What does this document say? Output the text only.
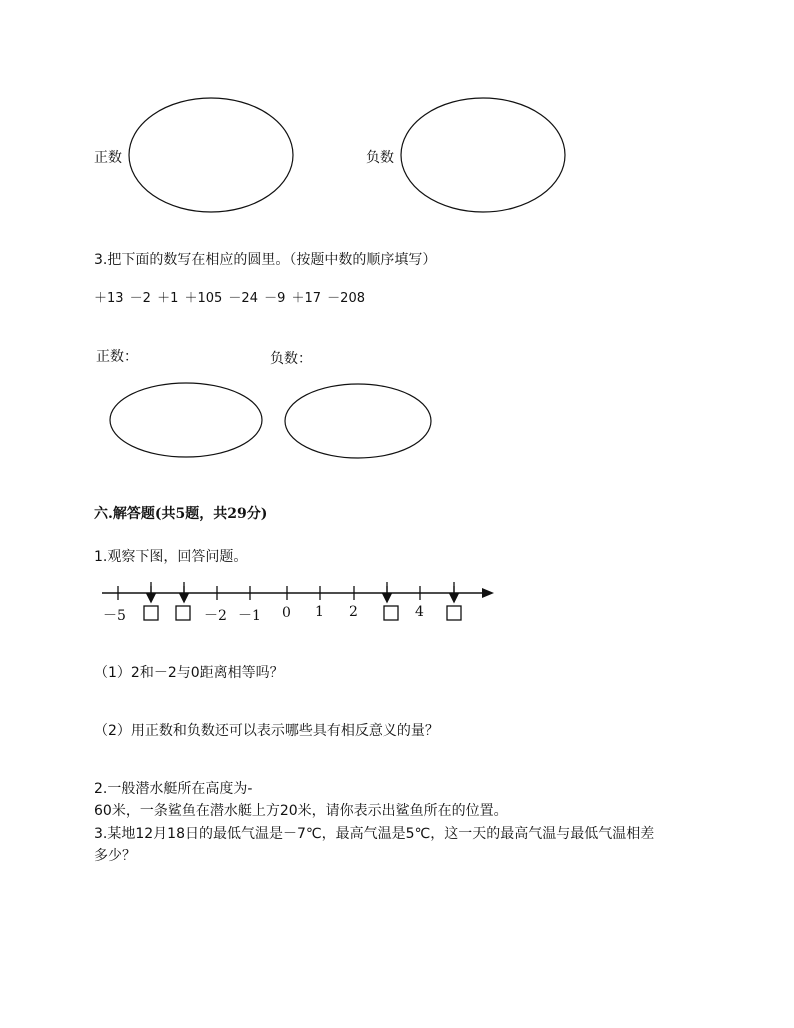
正数	负数
3.把下面的数写在相应的圆里。（按题中数的顺序填写）
＋13 －2 ＋1 ＋105 －24 －9 ＋17 －208
正数：	负数：
六.解答题(共5题，共29分)
1.观察下图，回答问题。
－5	－2 －1 0 1 2	4
（1）2和－2与0距离相等吗？
（2）用正数和负数还可以表示哪些具有相反意义的量？
2.一般潜水艇所在高度为-
60米，一条鲨鱼在潜水艇上方20米，请你表示出鲨鱼所在的位置。
3.某地12月18日的最低气温是－7℃，最高气温是5℃，这一天的最高气温与最低气温相差
多少？
